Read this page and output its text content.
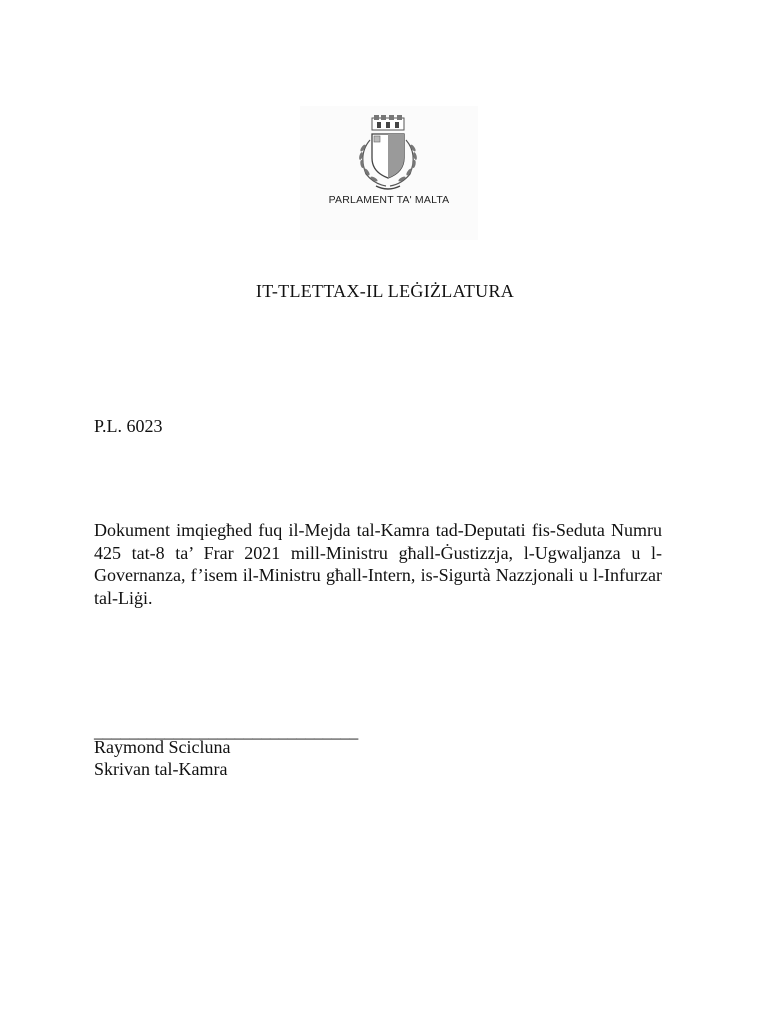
PARLAMENT TA' MALTA
IT-TLETTAX-IL LEĠIŻLATURA
P.L. 6023

Dokument imqiegħed fuq il-Mejda tal-Kamra tad-Deputati fis-Seduta Numru 425 tat-8 ta’ Frar 2021 mill-Ministru għall-Ġustizzja, l-Ugwaljanza u l-Governanza, f’isem il-Ministru għall-Intern, is-Sigurtà Nazzjonali u l-Infurzar tal-Liġi.

______________________________
Raymond Scicluna
Skrivan tal-Kamra
